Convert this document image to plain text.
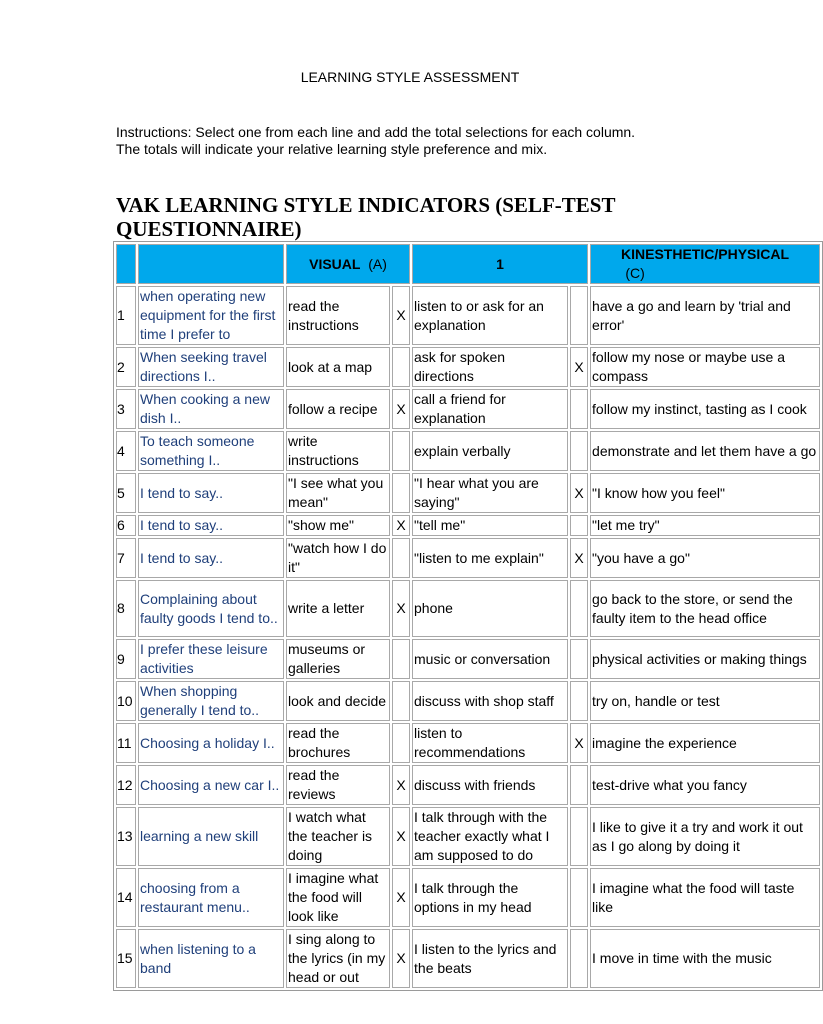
LEARNING STYLE ASSESSMENT
Instructions: Select one from each line and add the total selections for each column.
The totals will indicate your relative learning style preference and mix.
VAK LEARNING STYLE INDICATORS (SELF-TEST
QUESTIONNAIRE)
		VISUAL (A)		1		KINESTHETIC/PHYSICAL
(C)

1	when operating new equipment for the first time I prefer to	read the instructions	X	listen to or ask for an explanation		have a go and learn by 'trial and error'
2	When seeking travel directions I..	look at a map		ask for spoken directions	X	follow my nose or maybe use a compass
3	When cooking a new dish I..	follow a recipe	X	call a friend for explanation		follow my instinct, tasting as I cook
4	To teach someone something I..	write instructions		explain verbally		demonstrate and let them have a go
5	I tend to say..	"I see what you mean"		"I hear what you are saying"	X	"I know how you feel"
6	I tend to say..	"show me"	X	"tell me"		"let me try"
7	I tend to say..	"watch how I do it"		"listen to me explain"	X	"you have a go"
8	Complaining about faulty goods I tend to..	write a letter	X	phone		go back to the store, or send the faulty item to the head office
9	I prefer these leisure activities	museums or galleries		music or conversation		physical activities or making things
10	When shopping generally I tend to..	look and decide		discuss with shop staff		try on, handle or test
11	Choosing a holiday I..	read the brochures		listen to recommendations	X	imagine the experience
12	Choosing a new car I..	read the reviews	X	discuss with friends		test-drive what you fancy
13	learning a new skill	I watch what the teacher is doing	X	I talk through with the teacher exactly what I am supposed to do		I like to give it a try and work it out as I go along by doing it
14	choosing from a restaurant menu..	I imagine what the food will look like	X	I talk through the options in my head		I imagine what the food will taste like
15	when listening to a band	I sing along to the lyrics (in my head or out	X	I listen to the lyrics and the beats		I move in time with the music
